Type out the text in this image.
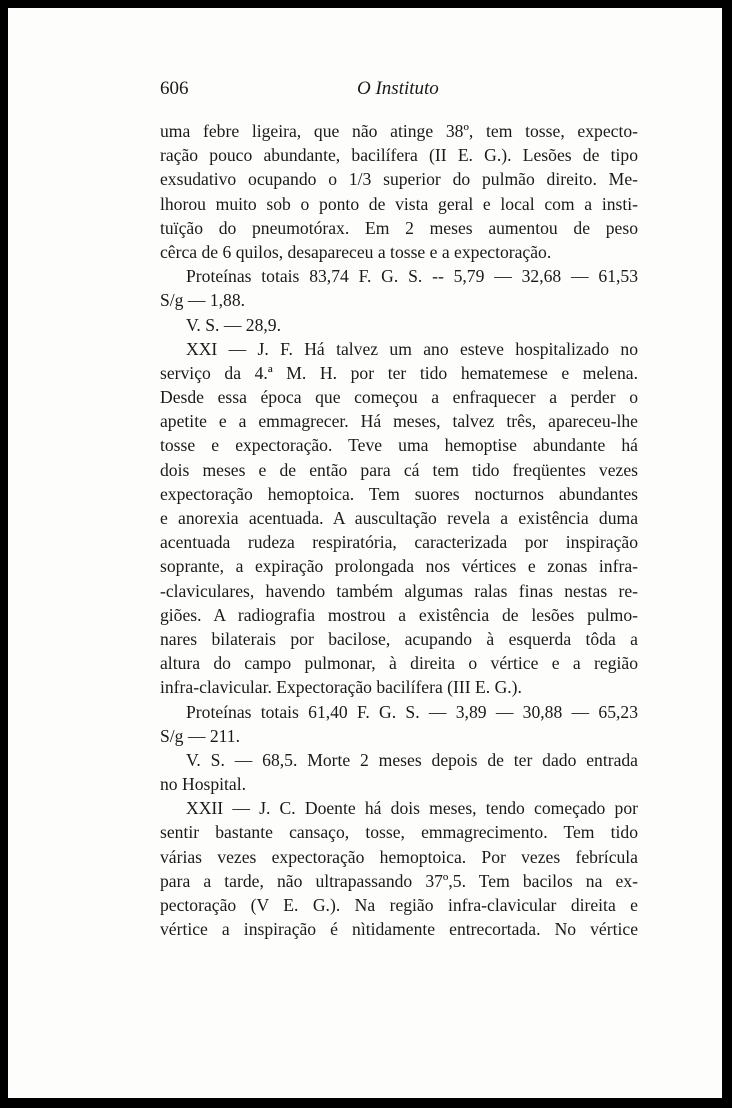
606	O Instituto
uma febre ligeira, que não atinge 38º, tem tosse, expecto-
ração pouco abundante, bacilífera (II E. G.). Lesões de tipo
exsudativo ocupando o 1/3 superior do pulmão direito. Me-
lhorou muito sob o ponto de vista geral e local com a insti-
tuïção do pneumotórax. Em 2 meses aumentou de peso
cêrca de 6 quilos, desapareceu a tosse e a expectoração.
Proteínas totais 83,74 F. G. S. -- 5,79 — 32,68 — 61,53
S/g — 1,88.
V. S. — 28,9.
XXI — J. F. Há talvez um ano esteve hospitalizado no
serviço da 4.ª M. H. por ter tido hematemese e melena.
Desde essa época que começou a enfraquecer a perder o
apetite e a emmagrecer. Há meses, talvez três, apareceu-lhe
tosse e expectoração. Teve uma hemoptise abundante há
dois meses e de então para cá tem tido freqüentes vezes
expectoração hemoptoica. Tem suores nocturnos abundantes
e anorexia acentuada. A auscultação revela a existência duma
acentuada rudeza respiratória, caracterizada por inspiração
soprante, a expiração prolongada nos vértices e zonas infra-
-claviculares, havendo também algumas ralas finas nestas re-
giões. A radiografia mostrou a existência de lesões pulmo-
nares bilaterais por bacilose, acupando à esquerda tôda a
altura do campo pulmonar, à direita o vértice e a região
infra-clavicular. Expectoração bacilífera (III E. G.).
Proteínas totais 61,40 F. G. S. — 3,89 — 30,88 — 65,23
S/g — 211.
V. S. — 68,5. Morte 2 meses depois de ter dado entrada
no Hospital.
XXII — J. C. Doente há dois meses, tendo começado por
sentir bastante cansaço, tosse, emmagrecimento. Tem tido
várias vezes expectoração hemoptoica. Por vezes febrícula
para a tarde, não ultrapassando 37º,5. Tem bacilos na ex-
pectoração (V E. G.). Na região infra-clavicular direita e
vértice a inspiração é nìtidamente entrecortada. No vértice
